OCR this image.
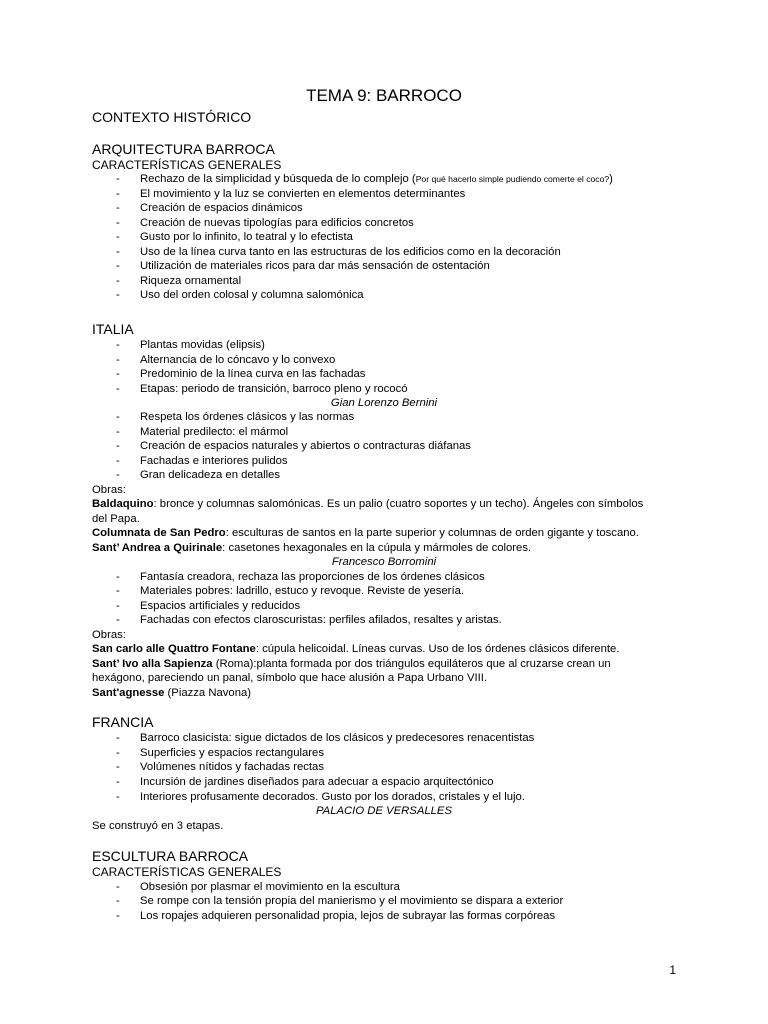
TEMA 9: BARROCO
CONTEXTO HISTÓRICO
ARQUITECTURA BARROCA
CARACTERÍSTICAS GENERALES
- Rechazo de la simplicidad y búsqueda de lo complejo (Por qué hacerlo simple pudiendo comerte el coco?)
- El movimiento y la luz se convierten en elementos determinantes
- Creación de espacios dinámicos
- Creación de nuevas tipologías para edificios concretos
- Gusto por lo infinito, lo teatral y lo efectista
- Uso de la línea curva tanto en las estructuras de los edificios como en la decoración
- Utilización de materiales ricos para dar más sensación de ostentación
- Riqueza ornamental
- Uso del orden colosal y columna salomónica
ITALIA
- Plantas movidas (elipsis)
- Alternancia de lo cóncavo y lo convexo
- Predominio de la línea curva en las fachadas
- Etapas: periodo de transición, barroco pleno y rococó
Gian Lorenzo Bernini
- Respeta los órdenes clásicos y las normas
- Material predilecto: el mármol
- Creación de espacios naturales y abiertos o contracturas diáfanas
- Fachadas e interiores pulidos
- Gran delicadeza en detalles
Obras:
Baldaquino: bronce y columnas salomónicas. Es un palio (cuatro soportes y un techo). Ángeles con símbolos
del Papa.
Columnata de San Pedro: esculturas de santos en la parte superior y columnas de orden gigante y toscano.
Sant’ Andrea a Quirinale: casetones hexagonales en la cúpula y mármoles de colores.
Francesco Borromini
- Fantasía creadora, rechaza las proporciones de los órdenes clásicos
- Materiales pobres: ladrillo, estuco y revoque. Reviste de yesería.
- Espacios artificiales y reducidos
- Fachadas con efectos claroscuristas: perfiles afilados, resaltes y aristas.
Obras:
San carlo alle Quattro Fontane: cúpula helicoidal. Líneas curvas. Uso de los órdenes clásicos diferente.
Sant’ Ivo alla Sapienza (Roma):planta formada por dos triángulos equiláteros que al cruzarse crean un
hexágono, pareciendo un panal, símbolo que hace alusión a Papa Urbano VIII.
Sant'agnesse (Piazza Navona)
FRANCIA
- Barroco clasicista: sigue dictados de los clásicos y predecesores renacentistas
- Superficies y espacios rectangulares
- Volúmenes nítidos y fachadas rectas
- Incursión de jardines diseñados para adecuar a espacio arquitectónico
- Interiores profusamente decorados. Gusto por los dorados, cristales y el lujo.
PALACIO DE VERSALLES
Se construyó en 3 etapas.
ESCULTURA BARROCA
CARACTERÍSTICAS GENERALES
- Obsesión por plasmar el movimiento en la escultura
- Se rompe con la tensión propia del manierismo y el movimiento se dispara a exterior
- Los ropajes adquieren personalidad propia, lejos de subrayar las formas corpóreas
1
